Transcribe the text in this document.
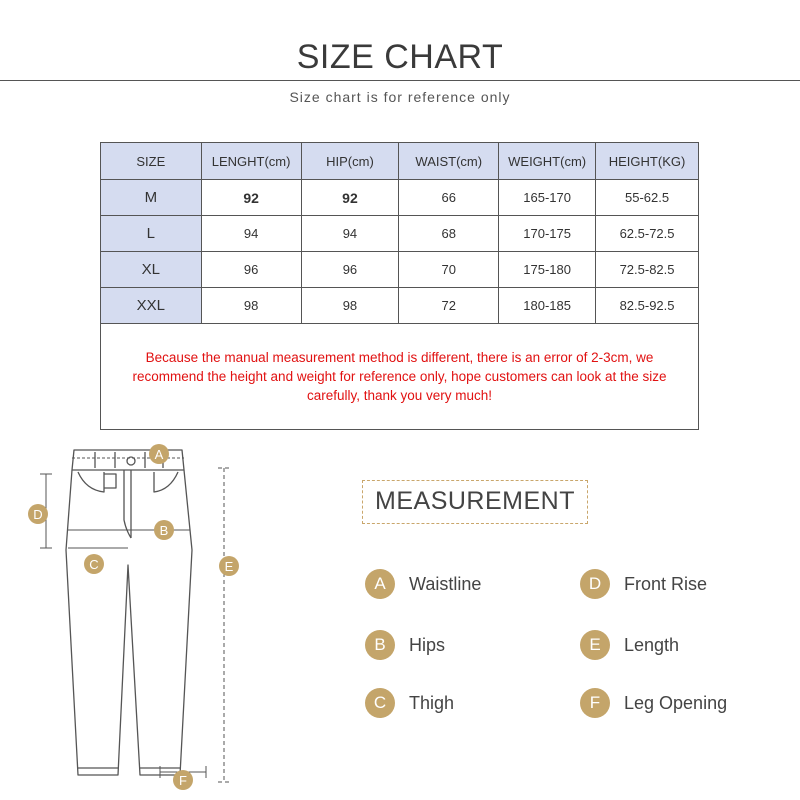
SIZE CHART
Size chart is for reference only
SIZE	LENGHT(cm)	HIP(cm)	WAIST(cm)	WEIGHT(cm)	HEIGHT(KG)
M	92	92	66	165-170	55-62.5
L	94	94	68	170-175	62.5-72.5
XL	96	96	70	175-180	72.5-82.5
XXL	98	98	72	180-185	82.5-92.5
Because the manual measurement method is different, there is an error of 2-3cm, we recommend the height and weight for reference only, hope customers can look at the size carefully, thank you very much!					
A
B
C
D
E
F
MEASUREMENT
A	Waistline
B	Hips
C	Thigh
D	Front Rise
E	Length
F	Leg Opening
